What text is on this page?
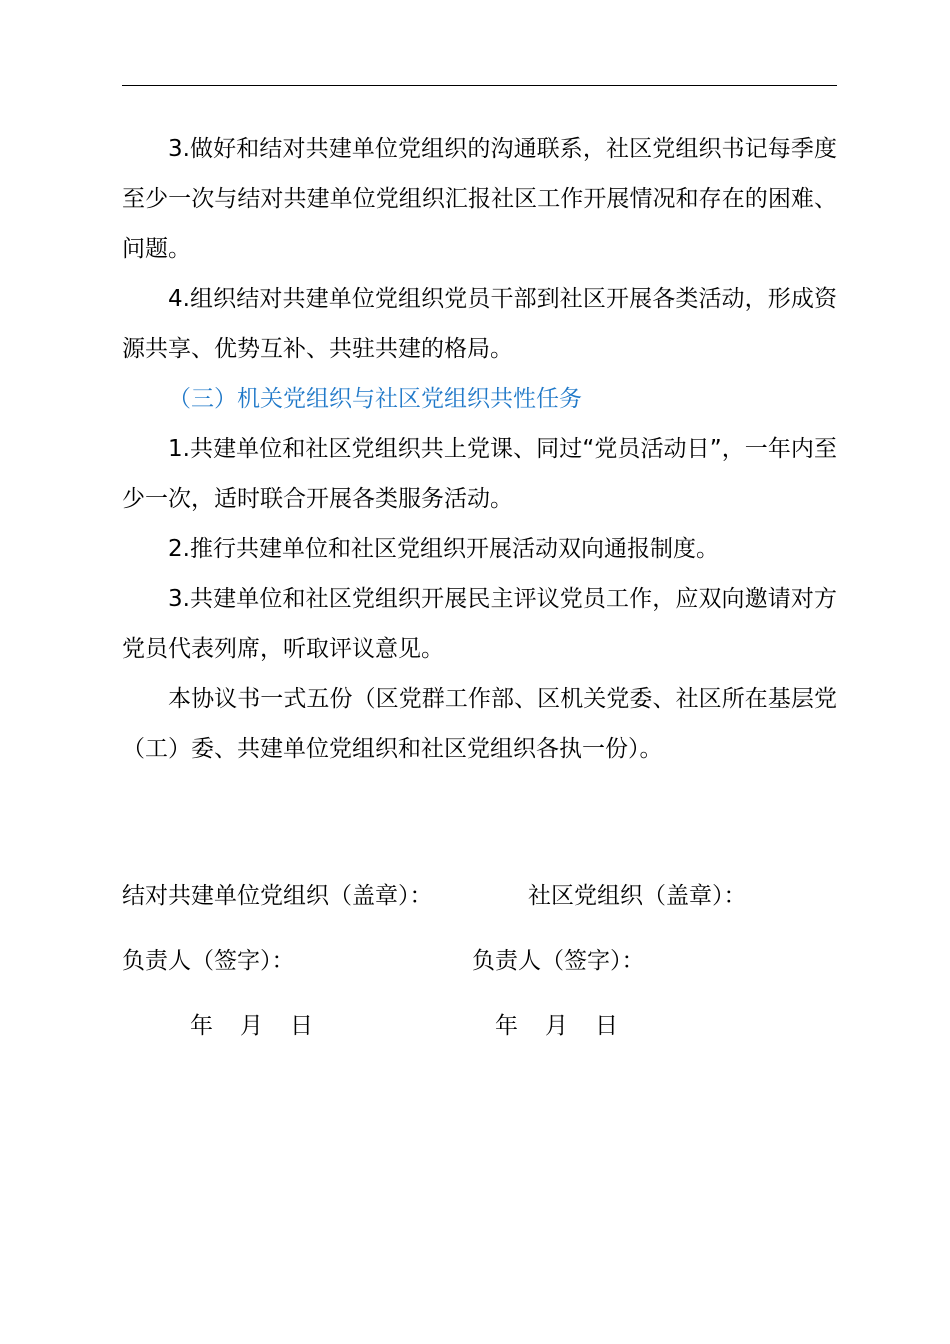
3.做好和结对共建单位党组织的沟通联系，社区党组织书记每季度至少一次与结对共建单位党组织汇报社区工作开展情况和存在的困难、问题。

4.组织结对共建单位党组织党员干部到社区开展各类活动，形成资源共享、优势互补、共驻共建的格局。

（三）机关党组织与社区党组织共性任务

1.共建单位和社区党组织共上党课、同过“党员活动日”，一年内至少一次，适时联合开展各类服务活动。

2.推行共建单位和社区党组织开展活动双向通报制度。

3.共建单位和社区党组织开展民主评议党员工作，应双向邀请对方党员代表列席，听取评议意见。

本协议书一式五份（区党群工作部、区机关党委、社区所在基层党（工）委、共建单位党组织和社区党组织各执一份）。

结对共建单位党组织（盖章）：	社区党组织（盖章）：
负责人（签字）：	负责人（签字）：
年 月 日	年 月 日
